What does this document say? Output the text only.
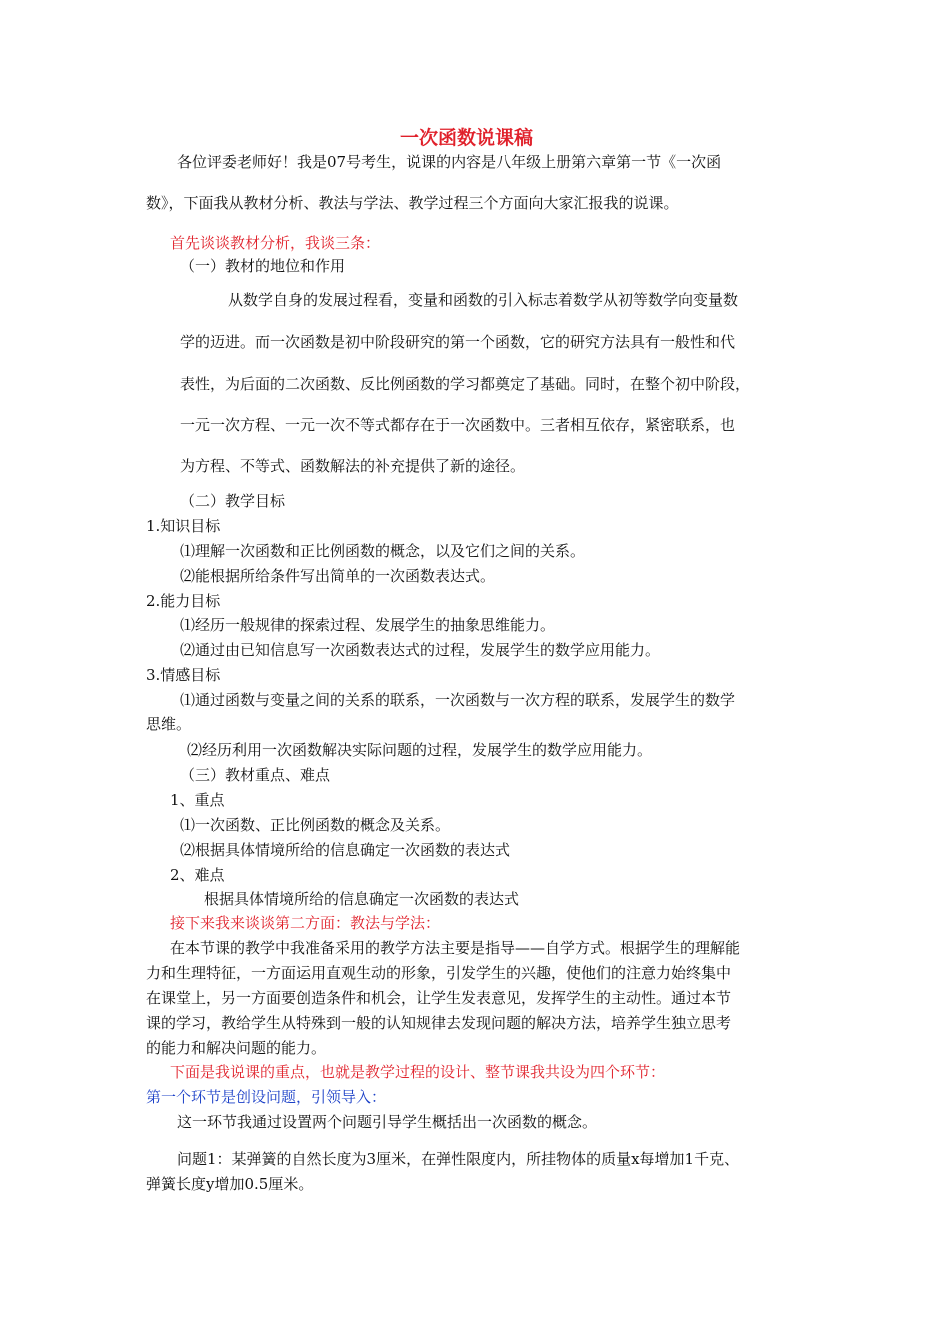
一次函数说课稿
各位评委老师好！我是07号考生，说课的内容是八年级上册第六章第一节《一次函
数》，下面我从教材分析、教法与学法、教学过程三个方面向大家汇报我的说课。
首先谈谈教材分析，我谈三条：
（一）教材的地位和作用
从数学自身的发展过程看，变量和函数的引入标志着数学从初等数学向变量数
学的迈进。而一次函数是初中阶段研究的第一个函数，它的研究方法具有一般性和代
表性，为后面的二次函数、反比例函数的学习都奠定了基础。同时，在整个初中阶段，
一元一次方程、一元一次不等式都存在于一次函数中。三者相互依存，紧密联系，也
为方程、不等式、函数解法的补充提供了新的途径。
（二）教学目标
1.知识目标
⑴理解一次函数和正比例函数的概念，以及它们之间的关系。
⑵能根据所给条件写出简单的一次函数表达式。
2.能力目标
⑴经历一般规律的探索过程、发展学生的抽象思维能力。
⑵通过由已知信息写一次函数表达式的过程，发展学生的数学应用能力。
3.情感目标
⑴通过函数与变量之间的关系的联系，一次函数与一次方程的联系，发展学生的数学
思维。
⑵经历利用一次函数解决实际问题的过程，发展学生的数学应用能力。
（三）教材重点、难点
1、重点
⑴一次函数、正比例函数的概念及关系。
⑵根据具体情境所给的信息确定一次函数的表达式
2、难点
根据具体情境所给的信息确定一次函数的表达式
接下来我来谈谈第二方面：教法与学法：
在本节课的教学中我准备采用的教学方法主要是指导——自学方式。根据学生的理解能
力和生理特征，一方面运用直观生动的形象，引发学生的兴趣，使他们的注意力始终集中
在课堂上，另一方面要创造条件和机会，让学生发表意见，发挥学生的主动性。通过本节
课的学习，教给学生从特殊到一般的认知规律去发现问题的解决方法，培养学生独立思考
的能力和解决问题的能力。
下面是我说课的重点，也就是教学过程的设计、整节课我共设为四个环节：
第一个环节是创设问题，引领导入：
这一环节我通过设置两个问题引导学生概括出一次函数的概念。
问题1：某弹簧的自然长度为3厘米，在弹性限度内，所挂物体的质量x每增加1千克、
弹簧长度y增加0.5厘米。
